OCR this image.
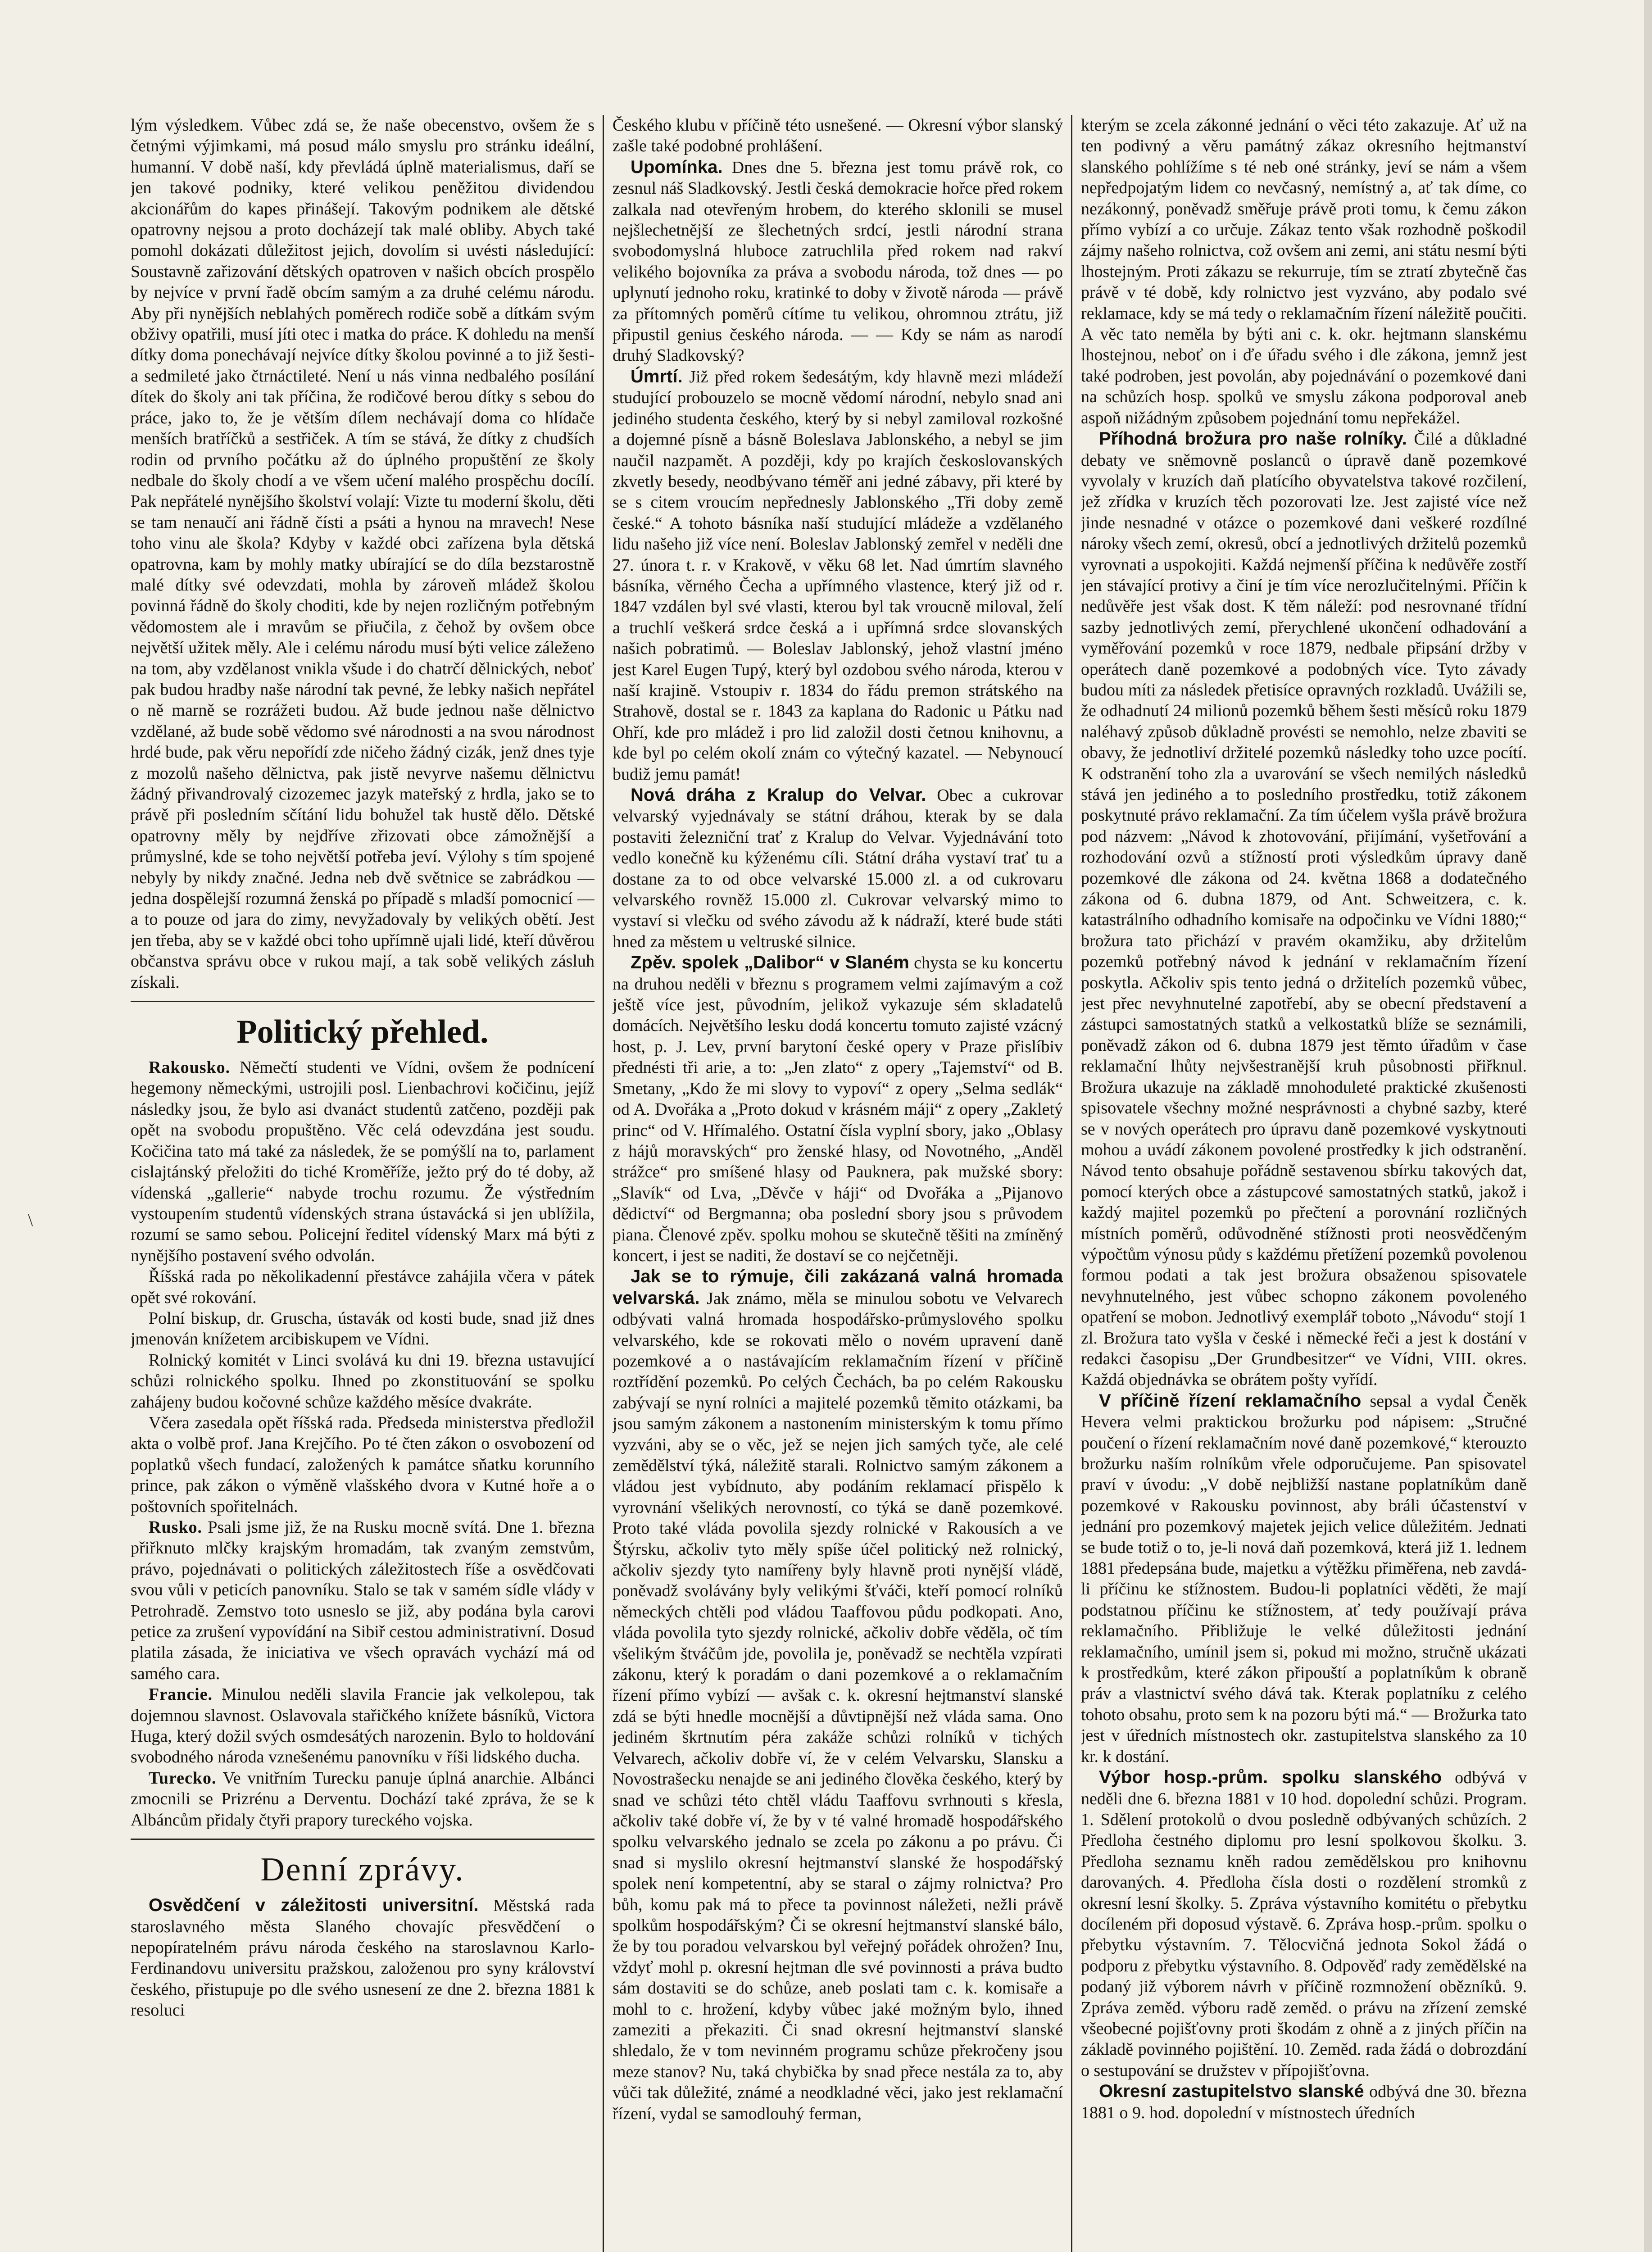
lým výsledkem. Vůbec zdá se, že naše obecenstvo, ovšem že s četnými výjimkami, má posud málo smyslu pro stránku ideální, humanní. V době naší, kdy převládá úplně materialismus, daří se jen takové podniky, které velikou peněžitou dividendou akcionářům do kapes přinášejí. Takovým podnikem ale dětské opatrovny nejsou a proto docházejí tak malé obliby. Abych také pomohl dokázati důležitost jejich, dovolím si uvésti následující: Soustavně zařizování dětských opatroven v našich obcích prospělo by nejvíce v první řadě obcím samým a za druhé celému národu. Aby při nynějších neblahých poměrech rodiče sobě a dítkám svým obživy opatřili, musí jíti otec i matka do práce. K dohledu na menší dítky doma ponechávají nejvíce dítky školou povinné a to již šesti- a sedmileté jako čtrnáctileté. Není u nás vinna nedbalého posílání dítek do školy ani tak příčina, že rodičové berou dítky s sebou do práce, jako to, že je větším dílem nechávají doma co hlídače menších bratříčků a sestřiček. A tím se stává, že dítky z chudších rodin od prvního počátku až do úplného propuštění ze školy nedbale do školy chodí a ve všem učení malého prospěchu docílí. Pak nepřátelé nynějšího školství volají: Vizte tu moderní školu, děti se tam nenaučí ani řádně čísti a psáti a hynou na mravech! Nese toho vinu ale škola? Kdyby v každé obci zařízena byla dětská opatrovna, kam by mohly matky ubírající se do díla bezstarostně malé dítky své odevzdati, mohla by zároveň mládež školou povinná řádně do školy choditi, kde by nejen rozličným potřebným vědomostem ale i mravům se přiučila, z čehož by ovšem obce největší užitek měly. Ale i celému národu musí býti velice záleženo na tom, aby vzdělanost vnikla všude i do chatrčí dělnických, neboť pak budou hradby naše národní tak pevné, že lebky našich nepřátel o ně marně se rozrážeti budou. Až bude jednou naše dělnictvo vzdělané, až bude sobě vědomo své národnosti a na svou národnost hrdé bude, pak věru nepořídí zde ničeho žádný cizák, jenž dnes tyje z mozolů našeho dělnictva, pak jistě nevyrve našemu dělnictvu žádný přivandrovalý cizozemec jazyk mateřský z hrdla, jako se to právě při posledním sčítání lidu bohužel tak hustě dělo. Dětské opatrovny měly by nejdříve zřizovati obce zámožnější a průmyslné, kde se toho největší potřeba jeví. Výlohy s tím spojené nebyly by nikdy značné. Jedna neb dvě světnice se zabrádkou — jedna dospělejší rozumná ženská po případě s mladší pomocnicí — a to pouze od jara do zimy, nevyžadovaly by velikých obětí. Jest jen třeba, aby se v každé obci toho upřímně ujali lidé, kteří důvěrou občanstva správu obce v rukou mají, a tak sobě velikých zásluh získali.

Politický přehled.

Rakousko. Němečtí studenti ve Vídni, ovšem že podnícení hegemony německými, ustrojili posl. Lienbachrovi kočičinu, jejíž následky jsou, že bylo asi dvanáct studentů zatčeno, později pak opět na svobodu propuštěno. Věc celá odevzdána jest soudu. Kočičina tato má také za následek, že se pomýšlí na to, parlament cislajtánský přeložiti do tiché Kroměříže, ježto prý do té doby, až vídenská „gallerie“ nabyde trochu rozumu. Že výstředním vystoupením studentů vídenských strana ústavácká si jen ublížila, rozumí se samo sebou. Policejní ředitel vídenský Marx má býti z nynějšího postavení svého odvolán.

Říšská rada po několikadenní přestávce zahájila včera v pátek opět své rokování.

Polní biskup, dr. Gruscha, ústavák od kosti bude, snad již dnes jmenován knížetem arcibiskupem ve Vídni.

Rolnický komitét v Linci svolává ku dni 19. března ustavující schůzi rolnického spolku. Ihned po zkonstituování se spolku zahájeny budou kočovné schůze každého měsíce dvakráte.

Včera zasedala opět říšská rada. Předseda ministerstva předložil akta o volbě prof. Jana Krejčího. Po té čten zákon o osvobození od poplatků všech fundací, založených k památce sňatku korunního prince, pak zákon o výměně vlašského dvora v Kutné hoře a o poštovních spořitelnách.

Rusko. Psali jsme již, že na Rusku mocně svítá. Dne 1. března přiřknuto mlčky krajským hromadám, tak zvaným zemstvům, právo, pojednávati o politických záležitostech říše a osvědčovati svou vůli v peticích panovníku. Stalo se tak v samém sídle vlády v Petrohradě. Zemstvo toto usneslo se již, aby podána byla carovi petice za zrušení vypovídání na Sibiř cestou administrativní. Dosud platila zásada, že iniciativa ve všech opravách vychází má od samého cara.

Francie. Minulou neděli slavila Francie jak velkolepou, tak dojemnou slavnost. Oslavovala stařičkého knížete básníků, Victora Huga, který dožil svých osmdesátých narozenin. Bylo to holdování svobodného národa vznešenému panovníku v říši lidského ducha.

Turecko. Ve vnitřním Turecku panuje úplná anarchie. Albánci zmocnili se Prizrénu a Derventu. Dochází také zpráva, že se k Albáncům přidaly čtyři prapory tureckého vojska.

Denní zprávy.

Osvědčení v záležitosti universitní. Městská rada staroslavného města Slaného chovajíc přesvědčení o nepopíratelném právu národa českého na staroslavnou Karlo-Ferdinandovu universitu pražskou, založenou pro syny království českého, přistupuje po dle svého usnesení ze dne 2. března 1881 k resoluci

Českého klubu v příčině této usnešené. — Okresní výbor slanský zašle také podobné prohlášení.

Upomínka. Dnes dne 5. března jest tomu právě rok, co zesnul náš Sladkovský. Jestli česká demokracie hořce před rokem zalkala nad otevřeným hrobem, do kterého sklonili se musel nejšlechetnější ze šlechetných srdcí, jestli národní strana svobodomyslná hluboce zatruchlila před rokem nad rakví velikého bojovníka za práva a svobodu národa, tož dnes — po uplynutí jednoho roku, kratinké to doby v životě národa — právě za přítomných poměrů cítíme tu velikou, ohromnou ztrátu, již připustil genius českého národa. — — Kdy se nám as narodí druhý Sladkovský?

Úmrtí. Již před rokem šedesátým, kdy hlavně mezi mládeží studující probouzelo se mocně vědomí národní, nebylo snad ani jediného studenta českého, který by si nebyl zamiloval rozkošné a dojemné písně a básně Boleslava Jablonského, a nebyl se jim naučil nazpamět. A později, kdy po krajích českoslovanských zkvetly besedy, neodbývano téměř ani jedné zábavy, při které by se s citem vroucím nepřednesly Jablonského „Tři doby země české.“ A tohoto básníka naší studující mládeže a vzdělaného lidu našeho již více není. Boleslav Jablonský zemřel v neděli dne 27. února t. r. v Krakově, v věku 68 let. Nad úmrtím slavného básníka, věrného Čecha a upřímného vlastence, který již od r. 1847 vzdálen byl své vlasti, kterou byl tak vroucně miloval, želí a truchlí veškerá srdce česká a i upřímná srdce slovanských našich pobratimů. — Boleslav Jablonský, jehož vlastní jméno jest Karel Eugen Tupý, který byl ozdobou svého národa, kterou v naší krajině. Vstoupiv r. 1834 do řádu premon strátského na Strahově, dostal se r. 1843 za kaplana do Radonic u Pátku nad Ohří, kde pro mládež i pro lid založil dosti četnou knihovnu, a kde byl po celém okolí znám co výtečný kazatel. — Nebynoucí budiž jemu památ!

Nová dráha z Kralup do Velvar. Obec a cukrovar velvarský vyjednávaly se státní dráhou, kterak by se dala postaviti železniční trať z Kralup do Velvar. Vyjednávání toto vedlo konečně ku kýženému cíli. Státní dráha vystaví trať tu a dostane za to od obce velvarské 15.000 zl. a od cukrovaru velvarského rovněž 15.000 zl. Cukrovar velvarský mimo to vystaví si vlečku od svého závodu až k nádraží, které bude státi hned za městem u veltruské silnice.

Zpěv. spolek „Dalibor“ v Slaném chysta se ku koncertu na druhou neděli v březnu s programem velmi zajímavým a což ještě více jest, původním, jelikož vykazuje sém skladatelů domácích. Největšího lesku dodá koncertu tomuto zajisté vzácný host, p. J. Lev, první barytoní české opery v Praze přislíbiv přednésti tři arie, a to: „Jen zlato“ z opery „Tajemství“ od B. Smetany, „Kdo že mi slovy to vypoví“ z opery „Selma sedlák“ od A. Dvořáka a „Proto dokud v krásném máji“ z opery „Zakletý princ“ od V. Hřímalého. Ostatní čísla vyplní sbory, jako „Oblasy z hájů moravských“ pro ženské hlasy, od Novotného, „Anděl strážce“ pro smíšené hlasy od Pauknera, pak mužské sbory: „Slavík“ od Lva, „Děvče v háji“ od Dvořáka a „Pijanovo dědictví“ od Bergmanna; oba poslední sbory jsou s průvodem piana. Členové zpěv. spolku mohou se skutečně těšiti na zmíněný koncert, i jest se naditi, že dostaví se co nejčetněji.

Jak se to rýmuje, čili zakázaná valná hromada velvarská. Jak známo, měla se minulou sobotu ve Velvarech odbývati valná hromada hospodářsko-průmyslového spolku velvarského, kde se rokovati mělo o novém upravení daně pozemkové a o nastávajícím reklamačním řízení v příčině roztřídění pozemků. Po celých Čechách, ba po celém Rakousku zabývají se nyní rolníci a majitelé pozemků těmito otázkami, ba jsou samým zákonem a nastonením ministerským k tomu přímo vyzváni, aby se o věc, jež se nejen jich samých tyče, ale celé zemědělství týká, náležitě starali. Rolnictvo samým zákonem a vládou jest vybídnuto, aby podáním reklamací přispělo k vyrovnání všelikých nerovností, co týká se daně pozemkové. Proto také vláda povolila sjezdy rolnické v Rakousích a ve Štýrsku, ačkoliv tyto měly spíše účel politický než rolnický, ačkoliv sjezdy tyto namířeny byly hlavně proti nynější vládě, poněvadž svolávány byly velikými šťváči, kteří pomocí rolníků německých chtěli pod vládou Taaffovou půdu podkopati. Ano, vláda povolila tyto sjezdy rolnické, ačkoliv dobře věděla, oč tím všelikým štváčům jde, povolila je, poněvadž se nechtěla vzpírati zákonu, který k poradám o dani pozemkové a o reklamačním řízení přímo vybízí — avšak c. k. okresní hejtmanství slanské zdá se býti hnedle mocnější a důvtipnější než vláda sama. Ono jediném škrtnutím péra zakáže schůzi rolníků v tichých Velvarech, ačkoliv dobře ví, že v celém Velvarsku, Slansku a Novostrašecku nenajde se ani jediného člověka českého, který by snad ve schůzi této chtěl vládu Taaffovu svrhnouti s křesla, ačkoliv také dobře ví, že by v té valné hromadě hospodářského spolku velvarského jednalo se zcela po zákonu a po právu. Či snad si myslilo okresní hejtmanství slanské že hospodářský spolek není kompetentní, aby se staral o zájmy rolnictva? Pro bůh, komu pak má to přece ta povinnost náležeti, nežli právě spolkům hospodářským? Či se okresní hejtmanství slanské bálo, že by tou poradou velvarskou byl veřejný pořádek ohrožen? Inu, vždyť mohl p. okresní hejtman dle své povinnosti a práva budto sám dostaviti se do schůze, aneb poslati tam c. k. komisaře a mohl to c. hrožení, kdyby vůbec jaké možným bylo, ihned zameziti a překaziti. Či snad okresní hejtmanství slanské shledalo, že v tom nevinném programu schůze překročeny jsou meze stanov? Nu, taká chybička by snad přece nestála za to, aby vůči tak důležité, známé a neodkladné věci, jako jest reklamační řízení, vydal se samodlouhý ferman,

kterým se zcela zákonné jednání o věci této zakazuje. Ať už na ten podivný a věru památný zákaz okresního hejtmanství slanského pohlížíme s té neb oné stránky, jeví se nám a všem nepředpojatým lidem co nevčasný, nemístný a, ať tak díme, co nezákonný, poněvadž směřuje právě proti tomu, k čemu zákon přímo vybízí a co určuje. Zákaz tento však rozhodně poškodil zájmy našeho rolnictva, což ovšem ani zemi, ani státu nesmí býti lhostejným. Proti zákazu se rekurruje, tím se ztratí zbytečně čas právě v té době, kdy rolnictvo jest vyzváno, aby podalo své reklamace, kdy se má tedy o reklamačním řízení náležitě poučiti. A věc tato neměla by býti ani c. k. okr. hejtmann slanskému lhostejnou, neboť on i ďe úřadu svého i dle zákona, jemnž jest také podroben, jest povolán, aby pojednávání o pozemkové dani na schůzích hosp. spolků ve smyslu zákona podporoval aneb aspoň nižádným způsobem pojednání tomu nepřekážel.

Příhodná brožura pro naše rolníky. Čilé a důkladné debaty ve sněmovně poslanců o úpravě daně pozemkové vyvolaly v kruzích daň platícího obyvatelstva takové rozčilení, jež zřídka v kruzích těch pozorovati lze. Jest zajisté více než jinde nesnadné v otázce o pozemkové dani veškeré rozdílné nároky všech zemí, okresů, obcí a jednotlivých držitelů pozemků vyrovnati a uspokojiti. Každá nejmenší příčina k nedůvěře zostří jen stávající protivy a činí je tím více nerozlučitelnými. Příčin k nedůvěře jest však dost. K těm náleží: pod nesrovnané třídní sazby jednotlivých zemí, přerychlené ukončení odhadování a vyměřování pozemků v roce 1879, nedbale připsání držby v operátech daně pozemkové a podobných více. Tyto závady budou míti za následek přetisíce opravných rozkladů. Uvážili se, že odhadnutí 24 milionů pozemků během šesti měsíců roku 1879 naléhavý způsob důkladně provésti se nemohlo, nelze zbaviti se obavy, že jednotliví držitelé pozemků následky toho uzce pocítí. K odstranění toho zla a uvarování se všech nemilých následků stává jen jediného a to posledního prostředku, totiž zákonem poskytnuté právo reklamační. Za tím účelem vyšla právě brožura pod názvem: „Návod k zhotovování, přijímání, vyšetřování a rozhodování ozvů a stížností proti výsledkům úpravy daně pozemkové dle zákona od 24. května 1868 a dodatečného zákona od 6. dubna 1879, od Ant. Schweitzera, c. k. katastrálního odhadního komisaře na odpočinku ve Vídni 1880;“ brožura tato přichází v pravém okamžiku, aby držitelům pozemků potřebný návod k jednání v reklamačním řízení poskytla. Ačkoliv spis tento jedná o držitelích pozemků vůbec, jest přec nevyhnutelné zapotřebí, aby se obecní představení a zástupci samostatných statků a velkostatků blíže se seznámili, poněvadž zákon od 6. dubna 1879 jest těmto úřadům v čase reklamační lhůty nejvšestranější kruh působnosti přiřknul. Brožura ukazuje na základě mnohoduleté praktické zkušenosti spisovatele všechny možné nesprávnosti a chybné sazby, které se v nových operátech pro úpravu daně pozemkové vyskytnouti mohou a uvádí zákonem povolené prostředky k jich odstranění. Návod tento obsahuje pořádně sestavenou sbírku takových dat, pomocí kterých obce a zástupcové samostatných statků, jakož i každý majitel pozemků po přečtení a porovnání rozličných místních poměrů, odůvodněné stížnosti proti neosvědčeným výpočtům výnosu půdy s každému přetížení pozemků povolenou formou podati a tak jest brožura obsaženou spisovatele nevyhnutelného, jest vůbec schopno zákonem povoleného opatření se mobon. Jednotlivý exemplář toboto „Návodu“ stojí 1 zl. Brožura tato vyšla v české i německé řeči a jest k dostání v redakci časopisu „Der Grundbesitzer“ ve Vídni, VIII. okres. Každá objednávka se obrátem pošty vyřídí.

V příčině řízení reklamačního sepsal a vydal Čeněk Hevera velmi praktickou brožurku pod nápisem: „Stručné poučení o řízení reklamačním nové daně pozemkové,“ kterouzto brožurku naším rolníkům vřele odporučujeme. Pan spisovatel praví v úvodu: „V době nejbližší nastane poplatníkům daně pozemkové v Rakousku povinnost, aby bráli účastenství v jednání pro pozemkový majetek jejich velice důležitém. Jednati se bude totiž o to, je-li nová daň pozemková, která již 1. lednem 1881 předepsána bude, majetku a výtěžku přiměřena, neb zavdá-li příčinu ke stížnostem. Budou-li poplatníci věděti, že mají podstatnou příčinu ke stížnostem, ať tedy používají práva reklamačního. Přibližuje le velké důležitosti jednání reklamačního, umínil jsem si, pokud mi možno, stručně ukázati k prostředkům, které zákon připouští a poplatníkům k obraně práv a vlastnictví svého dává tak. Kterak poplatníku z celého tohoto obsahu, proto sem k na pozoru býti má.“ — Brožurka tato jest v úředních místnostech okr. zastupitelstva slanského za 10 kr. k dostání.

Výbor hosp.-prům. spolku slanského odbývá v neděli dne 6. března 1881 v 10 hod. dopolední schůzi. Program. 1. Sdělení protokolů o dvou posledně odbývaných schůzích. 2 Předloha čestného diplomu pro lesní spolkovou školku. 3. Předloha seznamu kněh radou zemědělskou pro knihovnu darovaných. 4. Předloha čísla dosti o rozdělení stromků z okresní lesní školky. 5. Zpráva výstavního komitétu o přebytku docíleném při doposud výstavě. 6. Zpráva hosp.-prům. spolku o přebytku výstavním. 7. Tělocvičná jednota Sokol žádá o podporu z přebytku výstavního. 8. Odpověď rady zemědělské na podaný již výborem návrh v příčině rozmnožení obězníků. 9. Zpráva zeměd. výboru radě zeměd. o právu na zřízení zemské všeobecné pojišťovny proti škodám z ohně a z jiných příčin na základě povinného pojištění. 10. Zeměd. rada žádá o dobrozdání o sestupování se družstev v přípojišťovna.

Okresní zastupitelstvo slanské odbývá dne 30. března 1881 o 9. hod. dopolední v místnostech úředních

\
